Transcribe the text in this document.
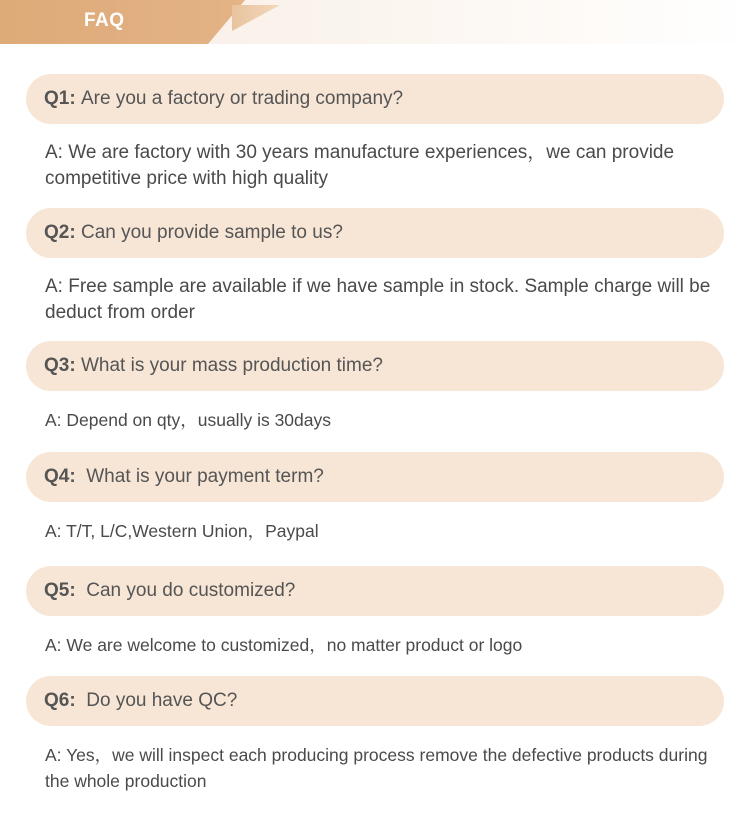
FAQ
Q1:
Are you a factory or trading company?
A: We are factory with 30 years manufacture experiences，we can provide competitive price with high quality
Q2:
Can you provide sample to us?
A: Free sample are available if we have sample in stock. Sample charge will be deduct from order
Q3:
What is your mass production time?
A: Depend on qty，usually is 30days
Q4:
What is your payment term?
A: T/T, L/C,Western Union，Paypal
Q5:
Can you do customized?
A: We are welcome to customized，no matter product or logo
Q6:
Do you have QC?
A: Yes，we will inspect each producing process remove the defective products during the whole production
